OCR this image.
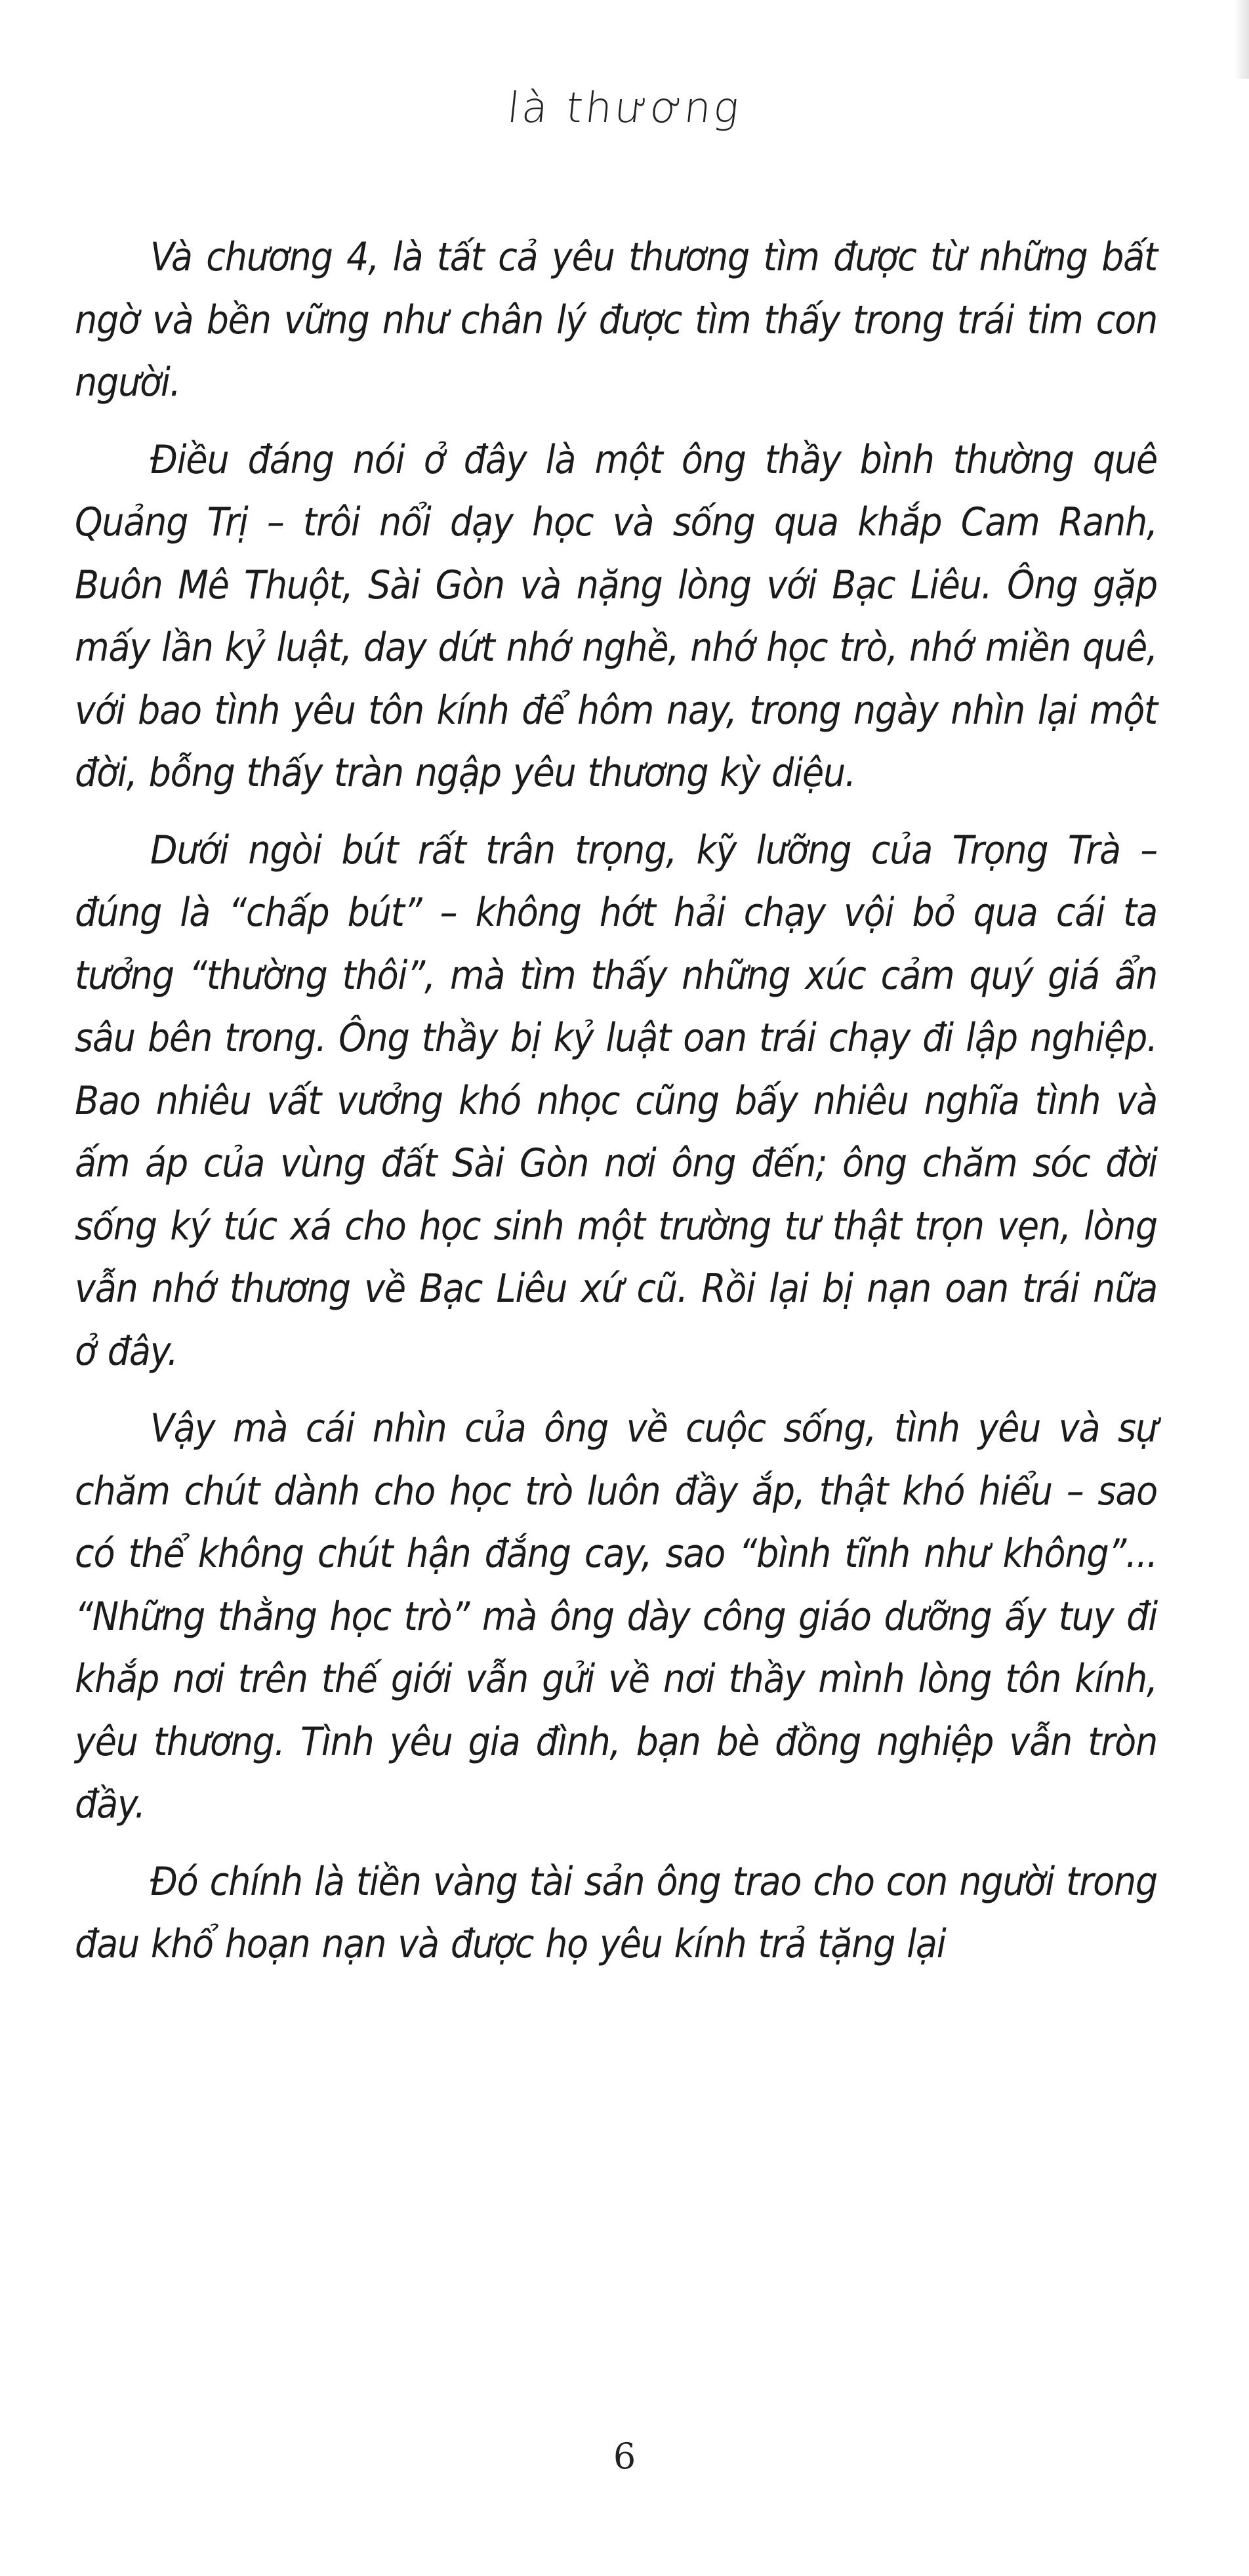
là thương

Và chương 4, là tất cả yêu thương tìm được từ những bất ngờ và bền vững như chân lý được tìm thấy trong trái tim con người.

Điều đáng nói ở đây là một ông thầy bình thường quê Quảng Trị – trôi nổi dạy học và sống qua khắp Cam Ranh, Buôn Mê Thuột, Sài Gòn và nặng lòng với Bạc Liêu. Ông gặp mấy lần kỷ luật, day dứt nhớ nghề, nhớ học trò, nhớ miền quê, với bao tình yêu tôn kính để hôm nay, trong ngày nhìn lại một đời, bỗng thấy tràn ngập yêu thương kỳ diệu.

Dưới ngòi bút rất trân trọng, kỹ lưỡng của Trọng Trà – đúng là “chấp bút” – không hớt hải chạy vội bỏ qua cái ta tưởng “thường thôi”, mà tìm thấy những xúc cảm quý giá ẩn sâu bên trong. Ông thầy bị kỷ luật oan trái chạy đi lập nghiệp. Bao nhiêu vất vưởng khó nhọc cũng bấy nhiêu nghĩa tình và ấm áp của vùng đất Sài Gòn nơi ông đến; ông chăm sóc đời sống ký túc xá cho học sinh một trường tư thật trọn vẹn, lòng vẫn nhớ thương về Bạc Liêu xứ cũ. Rồi lại bị nạn oan trái nữa ở đây.

Vậy mà cái nhìn của ông về cuộc sống, tình yêu và sự chăm chút dành cho học trò luôn đầy ắp, thật khó hiểu – sao có thể không chút hận đắng cay, sao “bình tĩnh như không”... “Những thằng học trò” mà ông dày công giáo dưỡng ấy tuy đi khắp nơi trên thế giới vẫn gửi về nơi thầy mình lòng tôn kính, yêu thương. Tình yêu gia đình, bạn bè đồng nghiệp vẫn tròn đầy.

Đó chính là tiền vàng tài sản ông trao cho con người trong đau khổ hoạn nạn và được họ yêu kính trả tặng lại

6
